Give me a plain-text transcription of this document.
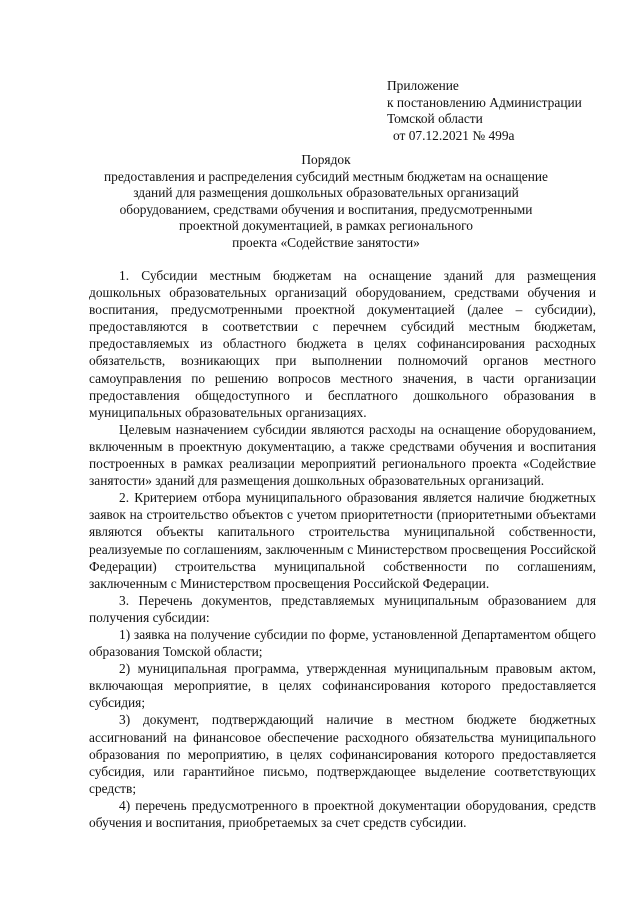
Приложение
к постановлению Администрации
Томской области
от 07.12.2021 № 499а
Порядок
предоставления и распределения субсидий местным бюджетам на оснащение
зданий для размещения дошкольных образовательных организаций
оборудованием, средствами обучения и воспитания, предусмотренными
проектной документацией, в рамках регионального
проекта «Содействие занятости»

1. Субсидии местным бюджетам на оснащение зданий для размещения дошкольных образовательных организаций оборудованием, средствами обучения и воспитания, предусмотренными проектной документацией (далее – субсидии), предоставляются в соответствии с перечнем субсидий местным бюджетам, предоставляемых из областного бюджета в целях софинансирования расходных обязательств, возникающих при выполнении полномочий органов местного самоуправления по решению вопросов местного значения, в части организации предоставления общедоступного и бесплатного дошкольного образования в муниципальных образовательных организациях.

Целевым назначением субсидии являются расходы на оснащение оборудованием, включенным в проектную документацию, а также средствами обучения и воспитания построенных в рамках реализации мероприятий регионального проекта «Содействие занятости» зданий для размещения дошкольных образовательных организаций.

2. Критерием отбора муниципального образования является наличие бюджетных заявок на строительство объектов с учетом приоритетности (приоритетными объектами являются объекты капитального строительства муниципальной собственности, реализуемые по соглашениям, заключенным с Министерством просвещения Российской Федерации) строительства муниципальной собственности по соглашениям, заключенным с Министерством просвещения Российской Федерации.

3. Перечень документов, представляемых муниципальным образованием для получения субсидии:

1) заявка на получение субсидии по форме, установленной Департаментом общего образования Томской области;

2) муниципальная программа, утвержденная муниципальным правовым актом, включающая мероприятие, в целях софинансирования которого предоставляется субсидия;

3) документ, подтверждающий наличие в местном бюджете бюджетных ассигнований на финансовое обеспечение расходного обязательства муниципального образования по мероприятию, в целях софинансирования которого предоставляется субсидия, или гарантийное письмо, подтверждающее выделение соответствующих средств;

4) перечень предусмотренного в проектной документации оборудования, средств обучения и воспитания, приобретаемых за счет средств субсидии.
